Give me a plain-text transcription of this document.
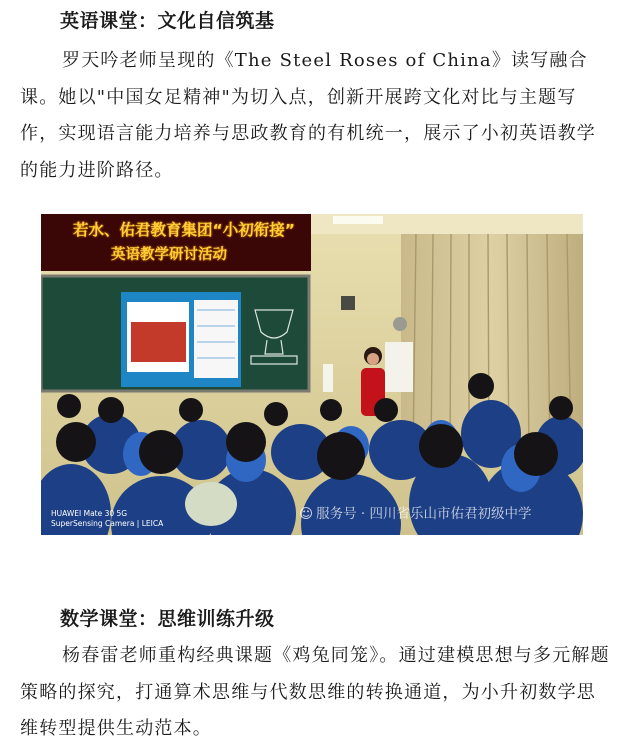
英语课堂：文化自信筑基

罗天吟老师呈现的《The Steel Roses of China》读写融合课。她以"中国女足精神"为切入点，创新开展跨文化对比与主题写作，实现语言能力培养与思政教育的有机统一，展示了小初英语教学的能力进阶路径。

若水、佑君教育集团“小初衔接”
英语教学研讨活动
HUAWEI Mate 30 5G
SuperSensing Camera | LEICA
☺ 服务号 · 四川省乐山市佑君初级中学
数学课堂：思维训练升级

杨春雷老师重构经典课题《鸡兔同笼》。通过建模思想与多元解题策略的探究，打通算术思维与代数思维的转换通道，为小升初数学思维转型提供生动范本。
